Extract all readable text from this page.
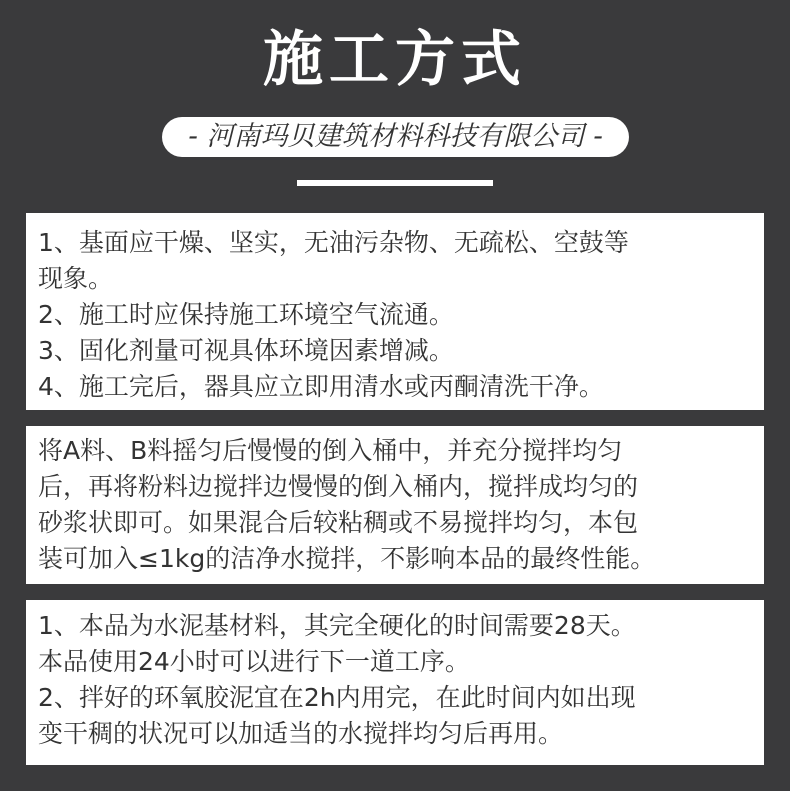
施工方式
- 河南玛贝建筑材料科技有限公司 -
1、基面应干燥、坚实，无油污杂物、无疏松、空鼓等
现象。
2、施工时应保持施工环境空气流通。
3、固化剂量可视具体环境因素增减。
4、施工完后，器具应立即用清水或丙酮清洗干净。
将A料、B料摇匀后慢慢的倒入桶中，并充分搅拌均匀
后，再将粉料边搅拌边慢慢的倒入桶内，搅拌成均匀的
砂浆状即可。如果混合后较粘稠或不易搅拌均匀，本包
装可加入≤1kg的洁净水搅拌，不影响本品的最终性能。
1、本品为水泥基材料，其完全硬化的时间需要28天。
本品使用24小时可以进行下一道工序。
2、拌好的环氧胶泥宜在2h内用完，在此时间内如出现
变干稠的状况可以加适当的水搅拌均匀后再用。
